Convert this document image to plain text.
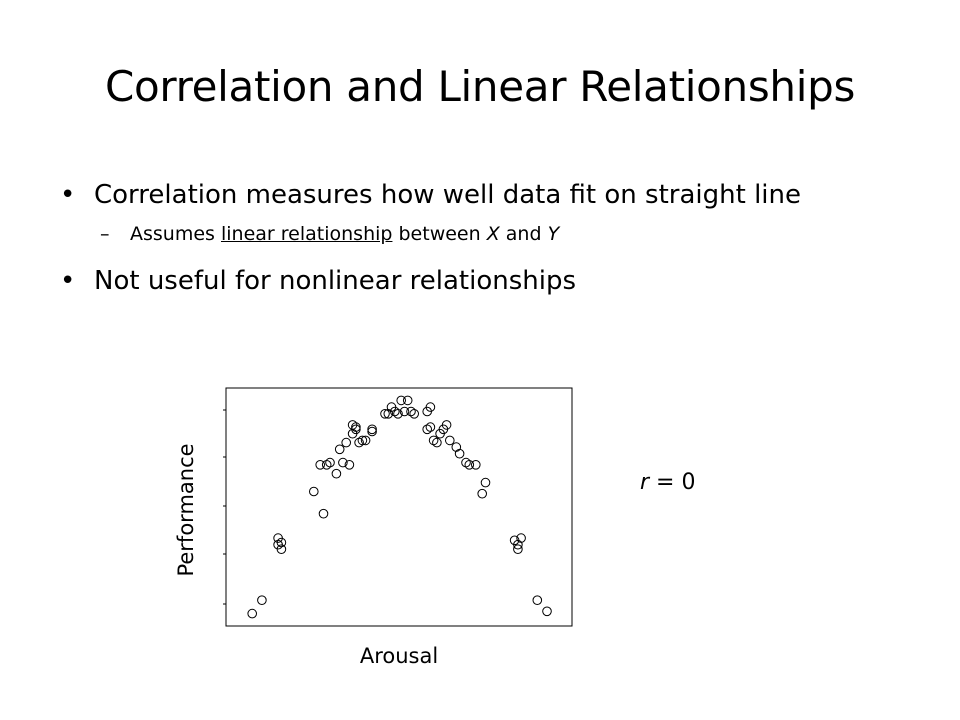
Correlation and Linear Relationships
• Correlation measures how well data fit on straight line
– Assumes linear relationship between X and Y
• Not useful for nonlinear relationships
Arousal
Performance	r = 0
